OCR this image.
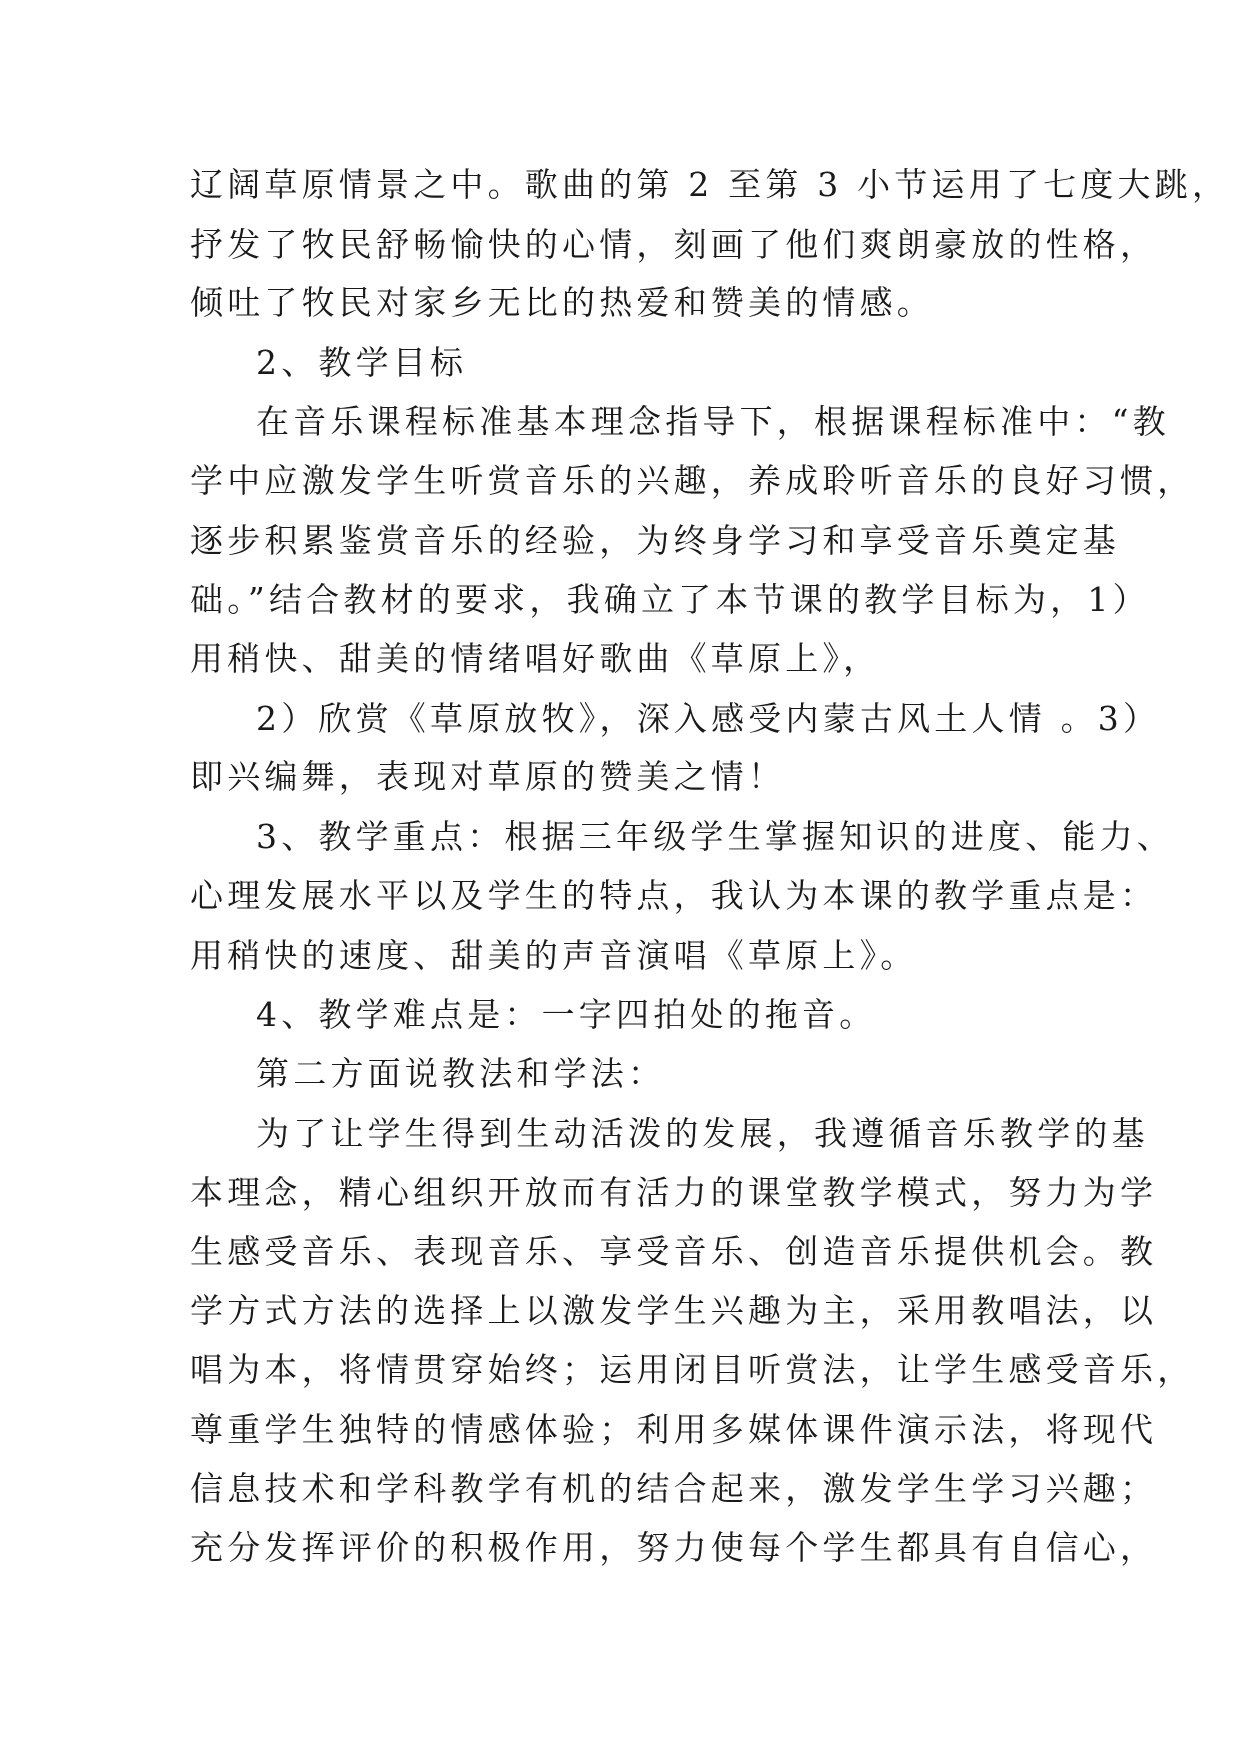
辽阔草原情景之中。歌曲的第 2 至第 3 小节运用了七度大跳，
抒发了牧民舒畅愉快的心情，刻画了他们爽朗豪放的性格，
倾吐了牧民对家乡无比的热爱和赞美的情感。
2、教学目标
在音乐课程标准基本理念指导下，根据课程标准中：“教
学中应激发学生听赏音乐的兴趣，养成聆听音乐的良好习惯，
逐步积累鉴赏音乐的经验，为终身学习和享受音乐奠定基
础。”结合教材的要求，我确立了本节课的教学目标为，1）
用稍快、甜美的情绪唱好歌曲《草原上》，
2）欣赏《草原放牧》，深入感受内蒙古风土人情 。3）
即兴编舞，表现对草原的赞美之情！
3、教学重点：根据三年级学生掌握知识的进度、能力、
心理发展水平以及学生的特点，我认为本课的教学重点是：
用稍快的速度、甜美的声音演唱《草原上》。
4、教学难点是：一字四拍处的拖音。
第二方面说教法和学法：
为了让学生得到生动活泼的发展，我遵循音乐教学的基
本理念，精心组织开放而有活力的课堂教学模式，努力为学
生感受音乐、表现音乐、享受音乐、创造音乐提供机会。教
学方式方法的选择上以激发学生兴趣为主，采用教唱法，以
唱为本，将情贯穿始终；运用闭目听赏法，让学生感受音乐，
尊重学生独特的情感体验；利用多媒体课件演示法，将现代
信息技术和学科教学有机的结合起来，激发学生学习兴趣；
充分发挥评价的积极作用，努力使每个学生都具有自信心，
